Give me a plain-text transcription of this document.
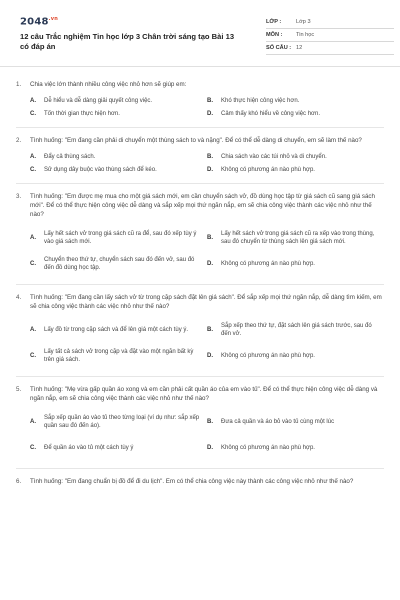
$2048^{.vn}$
12 câu Trắc nghiệm Tin học lớp 3 Chân trời sáng tạo Bài 13 có đáp án
LỚP :	Lớp 3
MÔN :	Tin học
SỐ CÂU : 12
1.	Chia việc lớn thành nhiều công việc nhỏ hơn sẽ giúp em:
A.	Dễ hiểu và dễ dàng giải quyết công việc.	B.	Khó thực hiện công việc hơn.
C.	Tốn thời gian thực hiện hơn.	D.	Cảm thấy khó hiểu về công việc hơn.
2.	Tình huống: "Em đang cần phải di chuyển một thùng sách to và nặng". Để có thể dễ dàng di chuyển, em sẽ làm thế nào?
A.	Đẩy cả thùng sách.	B.	Chia sách vào các túi nhỏ và di chuyển.
C.	Sử dụng dây buộc vào thùng sách để kéo.	D.	Không có phương án nào phù hợp.
3.	Tình huống: "Em được mẹ mua cho một giá sách mới, em cần chuyển sách vở, đồ dùng học tập từ giá sách cũ sang giá sách mới". Để có thể thực hiện công việc dễ dàng và sắp xếp mọi thứ ngăn nắp, em sẽ chia công việc thành các việc nhỏ như thế nào?
A.
Lấy hết sách vở trong giá sách cũ ra để, sau đó xếp tùy ý vào giá sách mới.
B.
Lấy hết sách vở trong giá sách cũ ra xếp vào trong thùng, sau đó chuyển từ thùng sách lên giá sách mới.
C.
Chuyển theo thứ tự, chuyển sách sau đó đến vở, sau đó đến đồ dùng học tập.
D.	Không có phương án nào phù hợp.
4.	Tình huống: "Em đang cần lấy sách vở từ trong cặp sách đặt lên giá sách". Để sắp xếp mọi thứ ngăn nắp, dễ dàng tìm kiếm, em sẽ chia công việc thành các việc nhỏ như thế nào?
A.	Lấy đồ từ trong cặp sách và để lên giá một cách tùy ý.	B.
Sắp xếp theo thứ tự, đặt sách lên giá sách trước, sau đó đến vở.
C.
Lấy tất cả sách vở trong cặp và đặt vào một ngăn bất kỳ trên giá sách.
D.	Không có phương án nào phù hợp.
5.	Tình huống: "Mẹ vừa gấp quần áo xong và em cần phải cất quần áo của em vào tủ". Để có thể thực hiện công việc dễ dàng và ngăn nắp, em sẽ chia công việc thành các việc nhỏ như thế nào?
A.
Sắp xếp quần áo vào tủ theo từng loại (ví dụ như: sắp xếp quần sau đó đến áo).
B.	Đưa cả quần và áo bỏ vào tủ cùng một lúc
C.	Để quần áo vào tủ một cách tùy ý	D.	Không có phương án nào phù hợp.
6.	Tình huống: "Em đang chuẩn bị đồ để đi du lịch". Em có thể chia công việc này thành các công việc nhỏ như thế nào?
